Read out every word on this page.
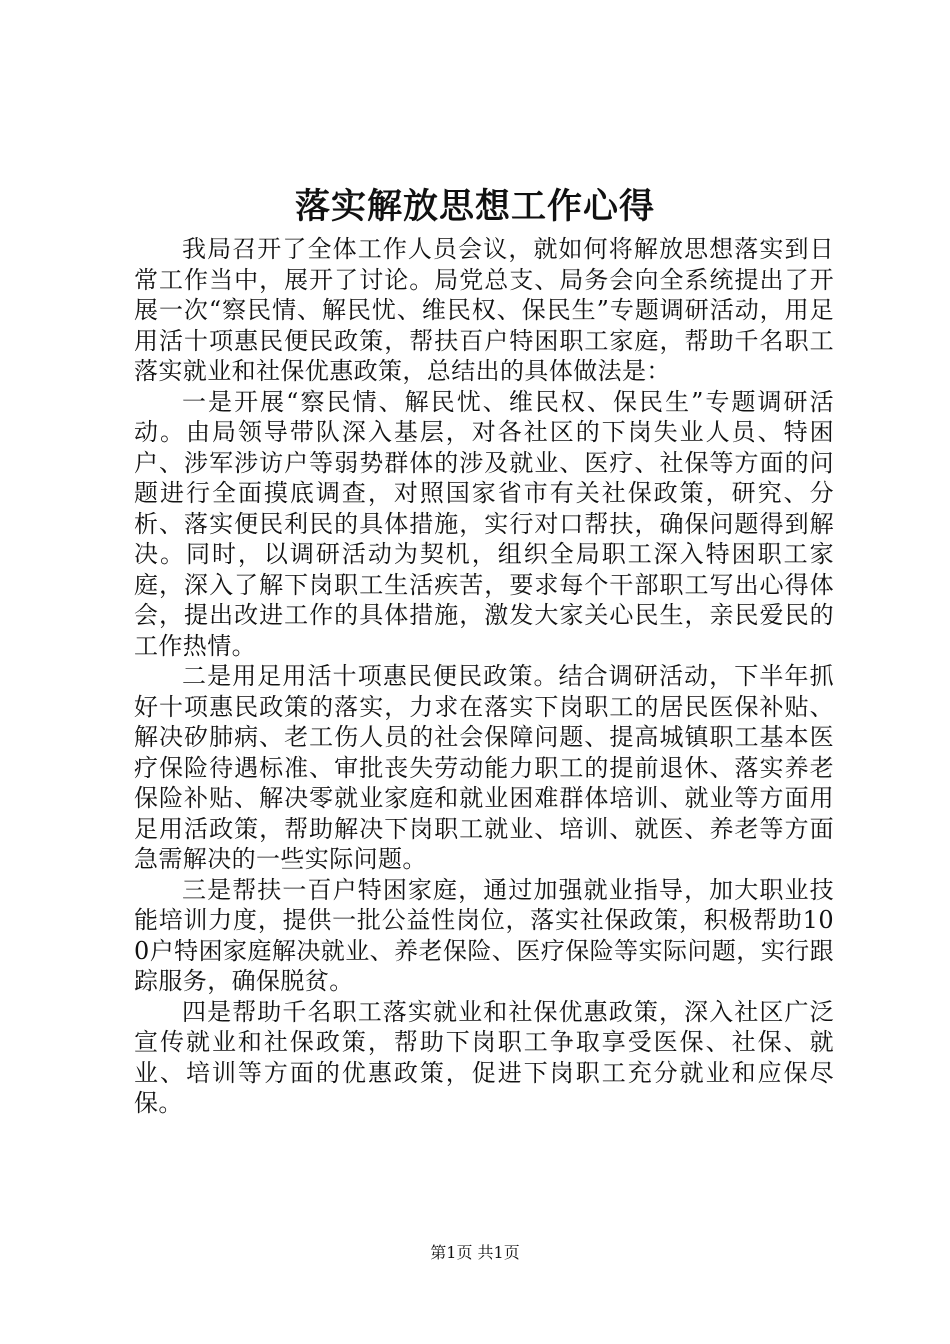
落实解放思想工作心得

我局召开了全体工作人员会议，就如何将解放思想落实到日常工作当中，展开了讨论。局党总支、局务会向全系统提出了开展一次“察民情、解民忧、维民权、保民生”专题调研活动，用足用活十项惠民便民政策，帮扶百户特困职工家庭，帮助千名职工落实就业和社保优惠政策，总结出的具体做法是：

一是开展“察民情、解民忧、维民权、保民生”专题调研活动。由局领导带队深入基层，对各社区的下岗失业人员、特困户、涉军涉访户等弱势群体的涉及就业、医疗、社保等方面的问题进行全面摸底调查，对照国家省市有关社保政策，研究、分析、落实便民利民的具体措施，实行对口帮扶，确保问题得到解决。同时，以调研活动为契机，组织全局职工深入特困职工家庭，深入了解下岗职工生活疾苦，要求每个干部职工写出心得体会，提出改进工作的具体措施，激发大家关心民生，亲民爱民的工作热情。

二是用足用活十项惠民便民政策。结合调研活动，下半年抓好十项惠民政策的落实，力求在落实下岗职工的居民医保补贴、解决矽肺病、老工伤人员的社会保障问题、提高城镇职工基本医疗保险待遇标准、审批丧失劳动能力职工的提前退休、落实养老保险补贴、解决零就业家庭和就业困难群体培训、就业等方面用足用活政策，帮助解决下岗职工就业、培训、就医、养老等方面急需解决的一些实际问题。

三是帮扶一百户特困家庭，通过加强就业指导，加大职业技能培训力度，提供一批公益性岗位，落实社保政策，积极帮助100户特困家庭解决就业、养老保险、医疗保险等实际问题，实行跟踪服务，确保脱贫。

四是帮助千名职工落实就业和社保优惠政策，深入社区广泛宣传就业和社保政策，帮助下岗职工争取享受医保、社保、就业、培训等方面的优惠政策，促进下岗职工充分就业和应保尽保。

第1页 共1页
